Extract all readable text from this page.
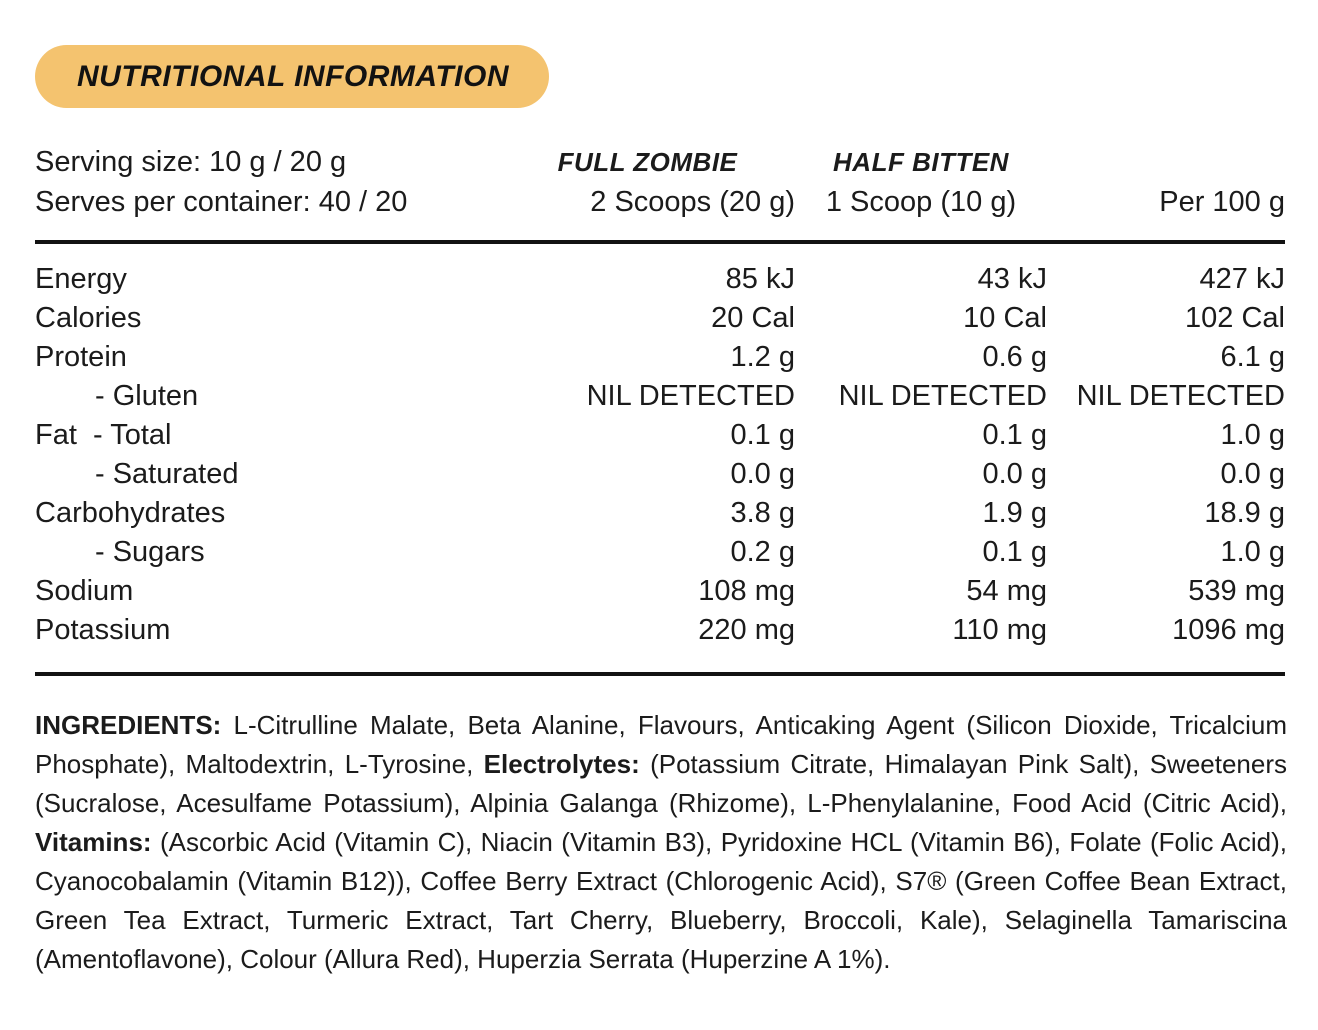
NUTRITIONAL INFORMATION
Serving size: 10 g / 20 g	FULL ZOMBIE	HALF BITTEN
Serves per container: 40 / 20	2 Scoops (20 g)	1 Scoop (10 g)	Per 100 g
Energy	85 kJ	43 kJ	427 kJ
Calories	20 Cal	10 Cal	102 Cal
Protein	1.2 g	0.6 g	6.1 g
- Gluten	NIL DETECTED	NIL DETECTED	NIL DETECTED
Fat  - Total	0.1 g	0.1 g	1.0 g
- Saturated	0.0 g	0.0 g	0.0 g
Carbohydrates	3.8 g	1.9 g	18.9 g
- Sugars	0.2 g	0.1 g	1.0 g
Sodium	108 mg	54 mg	539 mg
Potassium	220 mg	110 mg	1096 mg

INGREDIENTS: L-Citrulline Malate, Beta Alanine, Flavours, Anticaking Agent (Silicon Dioxide, Tricalcium Phosphate), Maltodextrin, L-Tyrosine, Electrolytes: (Potassium Citrate, Himalayan Pink Salt), Sweeteners (Sucralose, Acesulfame Potassium), Alpinia Galanga (Rhizome), L-Phenylalanine, Food Acid (Citric Acid), Vitamins: (Ascorbic Acid (Vitamin C), Niacin (Vitamin B3), Pyridoxine HCL (Vitamin B6), Folate (Folic Acid), Cyanocobalamin (Vitamin B12)), Coffee Berry Extract (Chlorogenic Acid), S7® (Green Coffee Bean Extract, Green Tea Extract, Turmeric Extract, Tart Cherry, Blueberry, Broccoli, Kale), Selaginella Tamariscina (Amentoflavone), Colour (Allura Red), Huperzia Serrata (Huperzine A 1%).
